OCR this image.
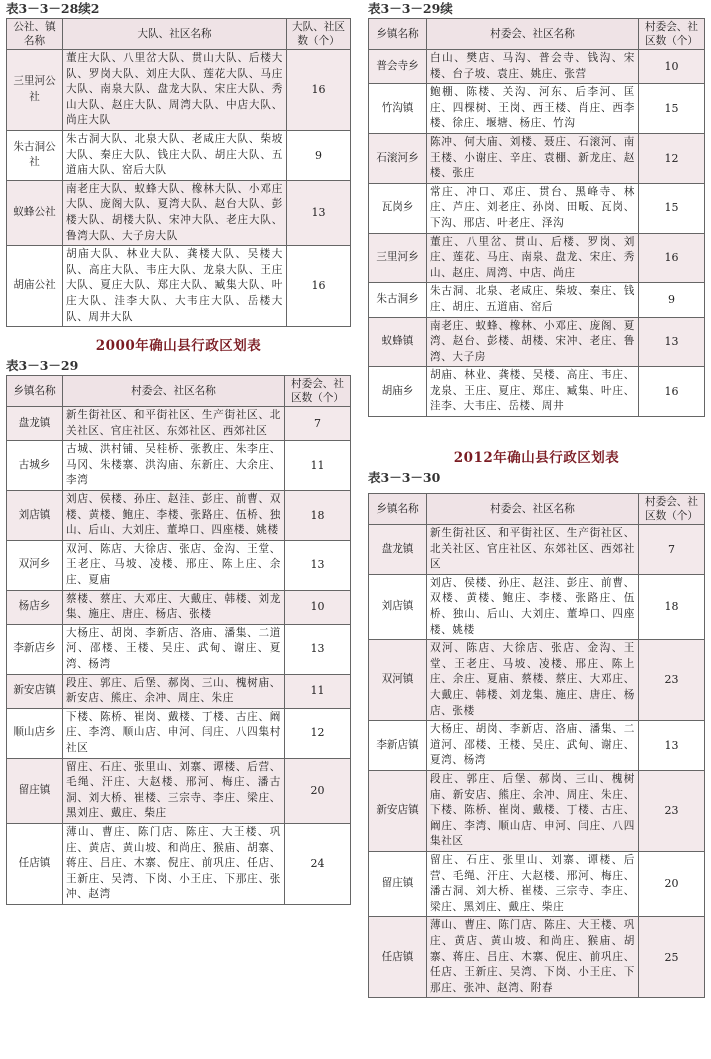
表3－3－28续2
公社、镇名称	大队、社区名称	大队、社区数（个）
三里河公社	董庄大队、八里岔大队、贯山大队、后楼大队、罗岗大队、刘庄大队、莲花大队、马庄大队、南泉大队、盘龙大队、宋庄大队、秀山大队、赵庄大队、周湾大队、中店大队、尚庄大队	16
朱古洞公社	朱古洞大队、北泉大队、老咸庄大队、柴坡大队、秦庄大队、钱庄大队、胡庄大队、五道庙大队、窑后大队	9
蚁蜂公社	南老庄大队、蚁蜂大队、橡林大队、小邓庄大队、庞阁大队、夏湾大队、赵台大队、彭楼大队、胡楼大队、宋冲大队、老庄大队、鲁湾大队、大子房大队	13
胡庙公社	胡庙大队、林业大队、龚楼大队、吴楼大队、高庄大队、韦庄大队、龙泉大队、王庄大队、夏庄大队、郑庄大队、臧集大队、叶庄大队、洼李大队、大韦庄大队、岳楼大队、周井大队	16
2000年确山县行政区划表
表3－3－29
乡镇名称	村委会、社区名称	村委会、社区数（个）
盘龙镇	新生街社区、和平街社区、生产街社区、北关社区、官庄社区、东郊社区、西郊社区	7
古城乡	古城、洪村铺、吴桂桥、张教庄、朱李庄、马冈、朱楼寨、洪沟庙、东新庄、大余庄、李湾	11
刘店镇	刘店、侯楼、孙庄、赵洼、彭庄、前曹、双楼、黄楼、鲍庄、李楼、张路庄、伍桥、独山、后山、大刘庄、董埠口、四座楼、姚楼	18
双河乡	双河、陈店、大徐店、张店、金沟、王堂、王老庄、马坡、凌楼、邢庄、陈上庄、余庄、夏庙	13
杨店乡	蔡楼、蔡庄、大邓庄、大戴庄、韩楼、刘龙集、施庄、唐庄、杨店、张楼	10
李新店乡	大杨庄、胡岗、李新店、洛庙、潘集、二道河、邵楼、王楼、吴庄、武甸、谢庄、夏湾、杨湾	13
新安店镇	段庄、郭庄、后堡、郝岗、三山、槐树庙、新安店、熊庄、余冲、周庄、朱庄	11
顺山店乡	下楼、陈桥、崔岗、戴楼、丁楼、古庄、阚庄、李湾、顺山店、申河、闫庄、八四集村社区	12
留庄镇	留庄、石庄、张里山、刘寨、谭楼、后营、毛绳、汗庄、大赵楼、邢河、梅庄、潘古洞、刘大桥、崔楼、三宗寺、李庄、梁庄、黑刘庄、戴庄、柴庄	20
任店镇	薄山、曹庄、陈门店、陈庄、大王楼、巩庄、黄店、黄山坡、和尚庄、猴庙、胡寨、蒋庄、吕庄、木寨、倪庄、前巩庄、任店、王新庄、吴湾、下岗、小王庄、下那庄、张冲、赵湾	24
表3－3－29续
乡镇名称	村委会、社区名称	村委会、社区数（个）
普会寺乡	白山、樊店、马沟、普会寺、钱沟、宋楼、台子坡、袁庄、姚庄、张营	10
竹沟镇	鲍棚、陈楼、关沟、河东、后李河、匡庄、四棵树、王岗、西王楼、肖庄、西李楼、徐庄、堰塘、杨庄、竹沟	15
石滚河乡	陈冲、何大庙、刘楼、聂庄、石滚河、南王楼、小谢庄、辛庄、袁棚、新龙庄、赵楼、张庄	12
瓦岗乡	常庄、冲口、邓庄、贯台、黑峰寺、林庄、芦庄、刘老庄、孙岗、田畈、瓦岗、下沟、邢店、叶老庄、泽沟	15
三里河乡	董庄、八里岔、贯山、后楼、罗岗、刘庄、莲花、马庄、南泉、盘龙、宋庄、秀山、赵庄、周湾、中店、尚庄	16
朱古洞乡	朱古洞、北泉、老咸庄、柴坡、秦庄、钱庄、胡庄、五道庙、窑后	9
蚁蜂镇	南老庄、蚁蜂、橡林、小邓庄、庞阁、夏湾、赵台、彭楼、胡楼、宋冲、老庄、鲁湾、大子房	13
胡庙乡	胡庙、林业、龚楼、吴楼、高庄、韦庄、龙泉、王庄、夏庄、郑庄、臧集、叶庄、洼李、大韦庄、岳楼、周井	16
2012年确山县行政区划表
表3－3－30
乡镇名称	村委会、社区名称	村委会、社区数（个）
盘龙镇	新生街社区、和平街社区、生产街社区、北关社区、官庄社区、东郊社区、西郊社区	7
刘店镇	刘店、侯楼、孙庄、赵洼、彭庄、前曹、双楼、黄楼、鲍庄、李楼、张路庄、伍桥、独山、后山、大刘庄、董埠口、四座楼、姚楼	18
双河镇	双河、陈店、大徐店、张店、金沟、王堂、王老庄、马坡、凌楼、邢庄、陈上庄、余庄、夏庙、蔡楼、蔡庄、大邓庄、大戴庄、韩楼、刘龙集、施庄、唐庄、杨店、张楼	23
李新店镇	大杨庄、胡岗、李新店、洛庙、潘集、二道河、邵楼、王楼、吴庄、武甸、谢庄、夏湾、杨湾	13
新安店镇	段庄、郭庄、后堡、郝岗、三山、槐树庙、新安店、熊庄、余冲、周庄、朱庄、下楼、陈桥、崔岗、戴楼、丁楼、古庄、阚庄、李湾、顺山店、申河、闫庄、八四集社区	23
留庄镇	留庄、石庄、张里山、刘寨、谭楼、后营、毛绳、汗庄、大赵楼、邢河、梅庄、潘古洞、刘大桥、崔楼、三宗寺、李庄、梁庄、黑刘庄、戴庄、柴庄	20
任店镇	薄山、曹庄、陈门店、陈庄、大王楼、巩庄、黄店、黄山坡、和尚庄、猴庙、胡寨、蒋庄、吕庄、木寨、倪庄、前巩庄、任店、王新庄、吴湾、下岗、小王庄、下那庄、张冲、赵湾、附春	25
